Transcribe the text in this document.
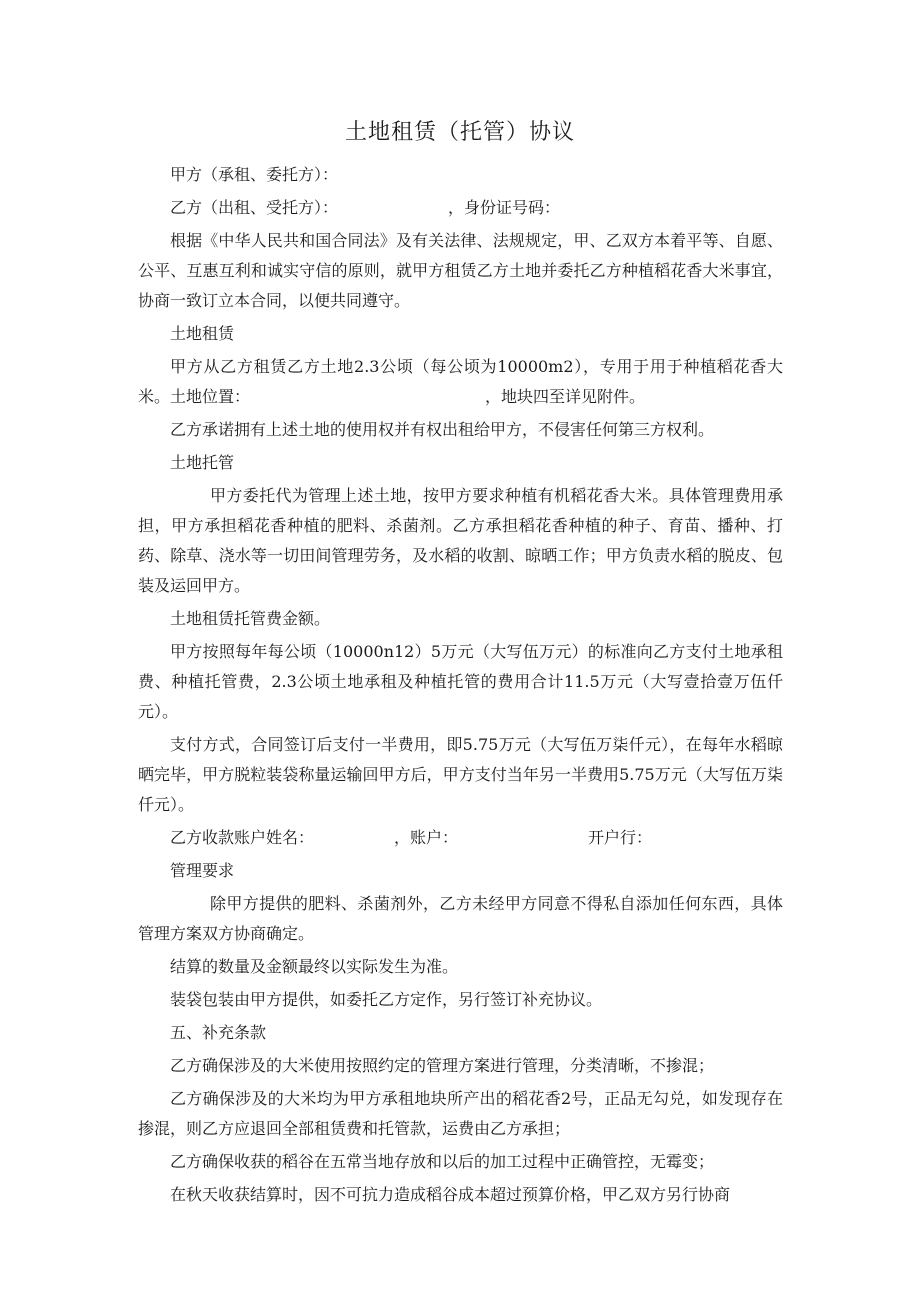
土地租赁（托管）协议

甲方（承租、委托方）：

乙方（出租、受托方）：	，身份证号码：

根据《中华人民共和国合同法》及有关法律、法规规定，甲、乙双方本着平等、自愿、公平、互惠互利和诚实守信的原则，就甲方租赁乙方土地并委托乙方种植稻花香大米事宜，协商一致订立本合同，以便共同遵守。

土地租赁

甲方从乙方租赁乙方土地2.3公顷（每公顷为10000m2），专用于用于种植稻花香大米。土地位置：	，地块四至详见附件。

乙方承诺拥有上述土地的使用权并有权出租给甲方，不侵害任何第三方权利。

土地托管

甲方委托代为管理上述土地，按甲方要求种植有机稻花香大米。具体管理费用承担，甲方承担稻花香种植的肥料、杀菌剂。乙方承担稻花香种植的种子、育苗、播种、打药、除草、浇水等一切田间管理劳务，及水稻的收割、晾晒工作；甲方负责水稻的脱皮、包装及运回甲方。

土地租赁托管费金额。

甲方按照每年每公顷（10000n12）5万元（大写伍万元）的标准向乙方支付土地承租费、种植托管费，2.3公顷土地承租及种植托管的费用合计11.5万元（大写壹拾壹万伍仟元）。

支付方式，合同签订后支付一半费用，即5.75万元（大写伍万柒仟元），在每年水稻晾晒完毕，甲方脱粒装袋称量运输回甲方后，甲方支付当年另一半费用5.75万元（大写伍万柒仟元）。

乙方收款账户姓名：	，账户：	开户行：

管理要求

除甲方提供的肥料、杀菌剂外，乙方未经甲方同意不得私自添加任何东西，具体管理方案双方协商确定。

结算的数量及金额最终以实际发生为准。

装袋包装由甲方提供，如委托乙方定作，另行签订补充协议。

五、补充条款

乙方确保涉及的大米使用按照约定的管理方案进行管理，分类清晰，不掺混；

乙方确保涉及的大米均为甲方承租地块所产出的稻花香2号，正品无勾兑，如发现存在掺混，则乙方应退回全部租赁费和托管款，运费由乙方承担；

乙方确保收获的稻谷在五常当地存放和以后的加工过程中正确管控，无霉变；

在秋天收获结算时，因不可抗力造成稻谷成本超过预算价格，甲乙双方另行协商
